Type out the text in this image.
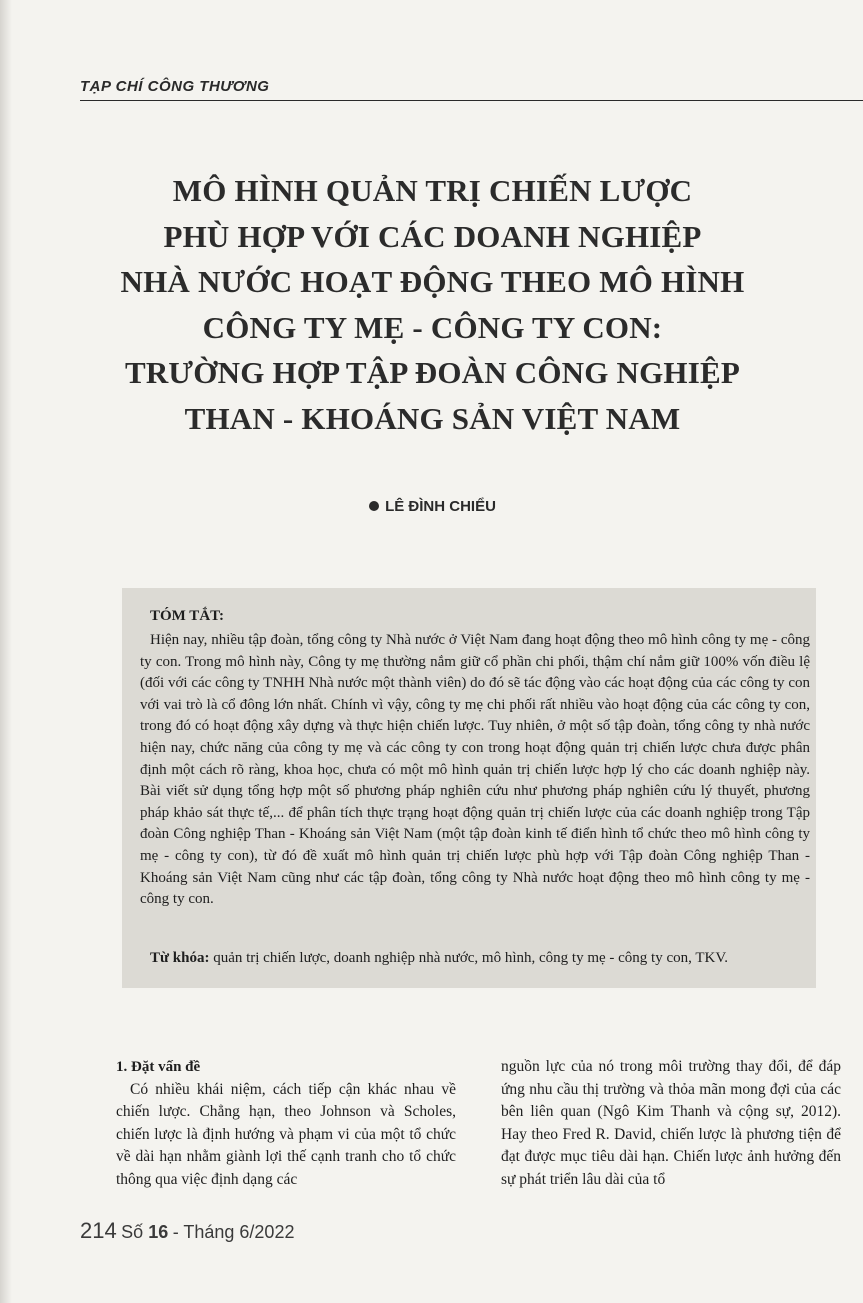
TẠP CHÍ CÔNG THƯƠNG
MÔ HÌNH QUẢN TRỊ CHIẾN LƯỢC
PHÙ HỢP VỚI CÁC DOANH NGHIỆP
NHÀ NƯỚC HOẠT ĐỘNG THEO MÔ HÌNH
CÔNG TY MẸ - CÔNG TY CON:
TRƯỜNG HỢP TẬP ĐOÀN CÔNG NGHIỆP
THAN - KHOÁNG SẢN VIỆT NAM
LÊ ĐÌNH CHIỂU
TÓM TẮT:

Hiện nay, nhiều tập đoàn, tổng công ty Nhà nước ở Việt Nam đang hoạt động theo mô hình công ty mẹ - công ty con. Trong mô hình này, Công ty mẹ thường nắm giữ cổ phần chi phối, thậm chí nắm giữ 100% vốn điều lệ (đối với các công ty TNHH Nhà nước một thành viên) do đó sẽ tác động vào các hoạt động của các công ty con với vai trò là cổ đông lớn nhất. Chính vì vậy, công ty mẹ chi phối rất nhiều vào hoạt động của các công ty con, trong đó có hoạt động xây dựng và thực hiện chiến lược. Tuy nhiên, ở một số tập đoàn, tổng công ty nhà nước hiện nay, chức năng của công ty mẹ và các công ty con trong hoạt động quản trị chiến lược chưa được phân định một cách rõ ràng, khoa học, chưa có một mô hình quản trị chiến lược hợp lý cho các doanh nghiệp này. Bài viết sử dụng tổng hợp một số phương pháp nghiên cứu như phương pháp nghiên cứu lý thuyết, phương pháp khảo sát thực tế,... để phân tích thực trạng hoạt động quản trị chiến lược của các doanh nghiệp trong Tập đoàn Công nghiệp Than - Khoáng sản Việt Nam (một tập đoàn kinh tế điển hình tổ chức theo mô hình công ty mẹ - công ty con), từ đó đề xuất mô hình quản trị chiến lược phù hợp với Tập đoàn Công nghiệp Than - Khoáng sản Việt Nam cũng như các tập đoàn, tổng công ty Nhà nước hoạt động theo mô hình công ty mẹ - công ty con.

Từ khóa: quản trị chiến lược, doanh nghiệp nhà nước, mô hình, công ty mẹ - công ty con, TKV.

1. Đặt vấn đề

Có nhiều khái niệm, cách tiếp cận khác nhau về chiến lược. Chẳng hạn, theo Johnson và Scholes, chiến lược là định hướng và phạm vi của một tổ chức về dài hạn nhằm giành lợi thế cạnh tranh cho tổ chức thông qua việc định dạng các

nguồn lực của nó trong môi trường thay đổi, để đáp ứng nhu cầu thị trường và thỏa mãn mong đợi của các bên liên quan (Ngô Kim Thanh và cộng sự, 2012). Hay theo Fred R. David, chiến lược là phương tiện để đạt được mục tiêu dài hạn. Chiến lược ảnh hưởng đến sự phát triển lâu dài của tổ

214 Số 16 - Tháng 6/2022
